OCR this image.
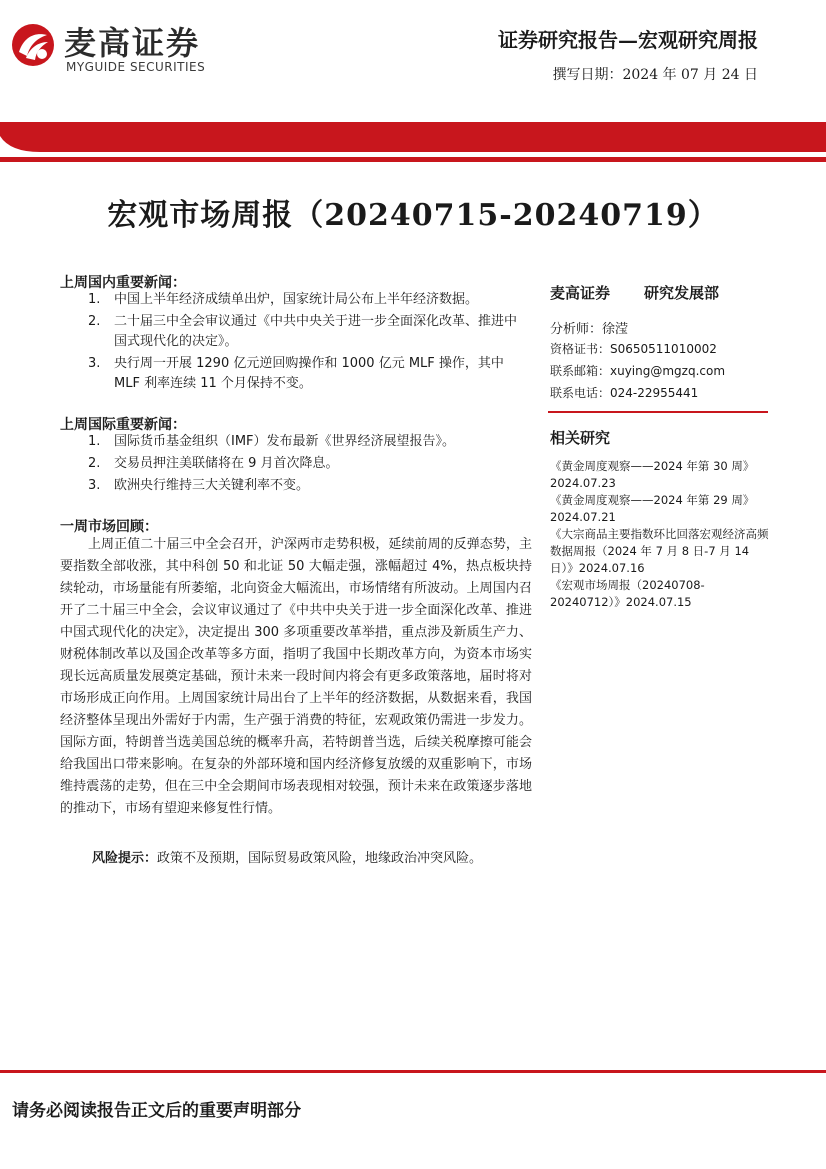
麦高证券
MYGUIDE SECURITIES
证券研究报告—宏观研究周报
撰写日期：2024 年 07 月 24 日
宏观市场周报（20240715-20240719）
上周国内重要新闻：
1. 中国上半年经济成绩单出炉，国家统计局公布上半年经济数据。
2. 二十届三中全会审议通过《中共中央关于进一步全面深化改革、推进中国式现代化的决定》。
3. 央行周一开展 1290 亿元逆回购操作和 1000 亿元 MLF 操作，其中 MLF 利率连续 11 个月保持不变。
上周国际重要新闻：
1. 国际货币基金组织（IMF）发布最新《世界经济展望报告》。
2. 交易员押注美联储将在 9 月首次降息。
3. 欧洲央行维持三大关键利率不变。
一周市场回顾：

上周正值二十届三中全会召开，沪深两市走势积极，延续前周的反弹态势，主要指数全部收涨，其中科创 50 和北证 50 大幅走强，涨幅超过 4%，热点板块持续轮动，市场量能有所萎缩，北向资金大幅流出，市场情绪有所波动。上周国内召开了二十届三中全会，会议审议通过了《中共中央关于进一步全面深化改革、推进中国式现代化的决定》，决定提出 300 多项重要改革举措，重点涉及新质生产力、财税体制改革以及国企改革等多方面，指明了我国中长期改革方向，为资本市场实现长远高质量发展奠定基础，预计未来一段时间内将会有更多政策落地，届时将对市场形成正向作用。上周国家统计局出台了上半年的经济数据，从数据来看，我国经济整体呈现出外需好于内需，生产强于消费的特征，宏观政策仍需进一步发力。国际方面，特朗普当选美国总统的概率升高，若特朗普当选，后续关税摩擦可能会给我国出口带来影响。在复杂的外部环境和国内经济修复放缓的双重影响下，市场维持震荡的走势，但在三中全会期间市场表现相对较强，预计未来在政策逐步落地的推动下，市场有望迎来修复性行情。

风险提示：政策不及预期，国际贸易政策风险，地缘政治冲突风险。
麦高证券 研究发展部
分析师：徐滢
资格证书：S0650511010002
联系邮箱：xuying@mgzq.com
联系电话：024-22955441
相关研究
《黄金周度观察——2024 年第 30 周》2024.07.23
《黄金周度观察——2024 年第 29 周》2024.07.21
《大宗商品主要指数环比回落宏观经济高频数据周报（2024 年 7 月 8 日-7 月 14 日）》2024.07.16
《宏观市场周报（20240708-20240712）》2024.07.15
请务必阅读报告正文后的重要声明部分
